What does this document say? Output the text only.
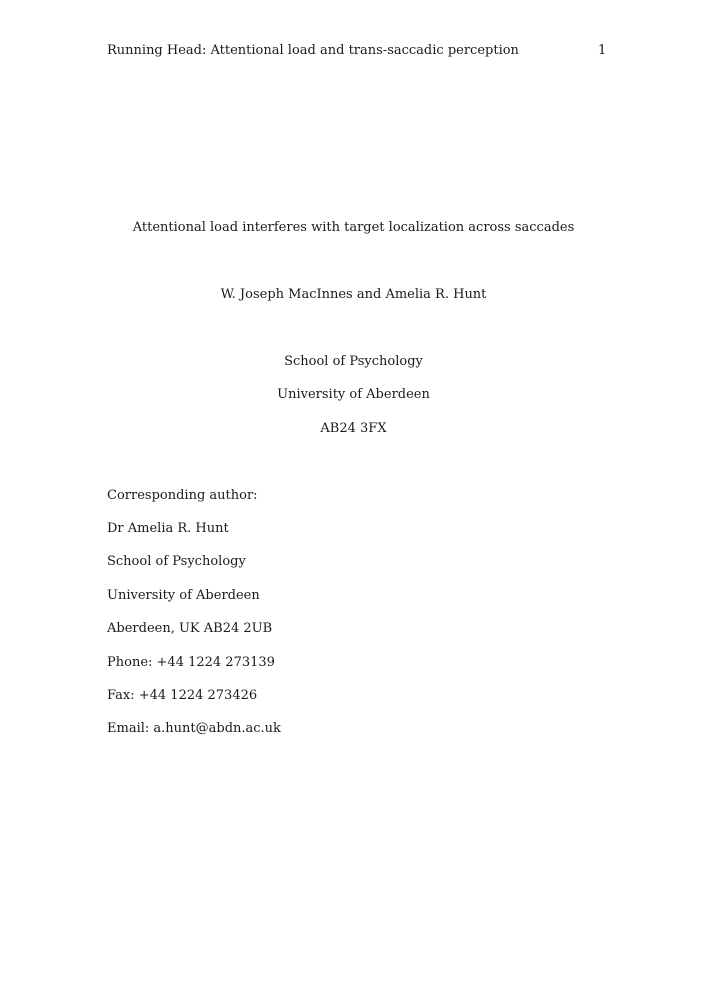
Running Head: Attentional load and trans-saccadic perception	1
Attentional load interferes with target localization across saccades
W. Joseph MacInnes and Amelia R. Hunt
School of Psychology
University of Aberdeen
AB24 3FX
Corresponding author:
Dr Amelia R. Hunt
School of Psychology
University of Aberdeen
Aberdeen, UK AB24 2UB
Phone: +44 1224 273139
Fax: +44 1224 273426
Email: a.hunt@abdn.ac.uk
